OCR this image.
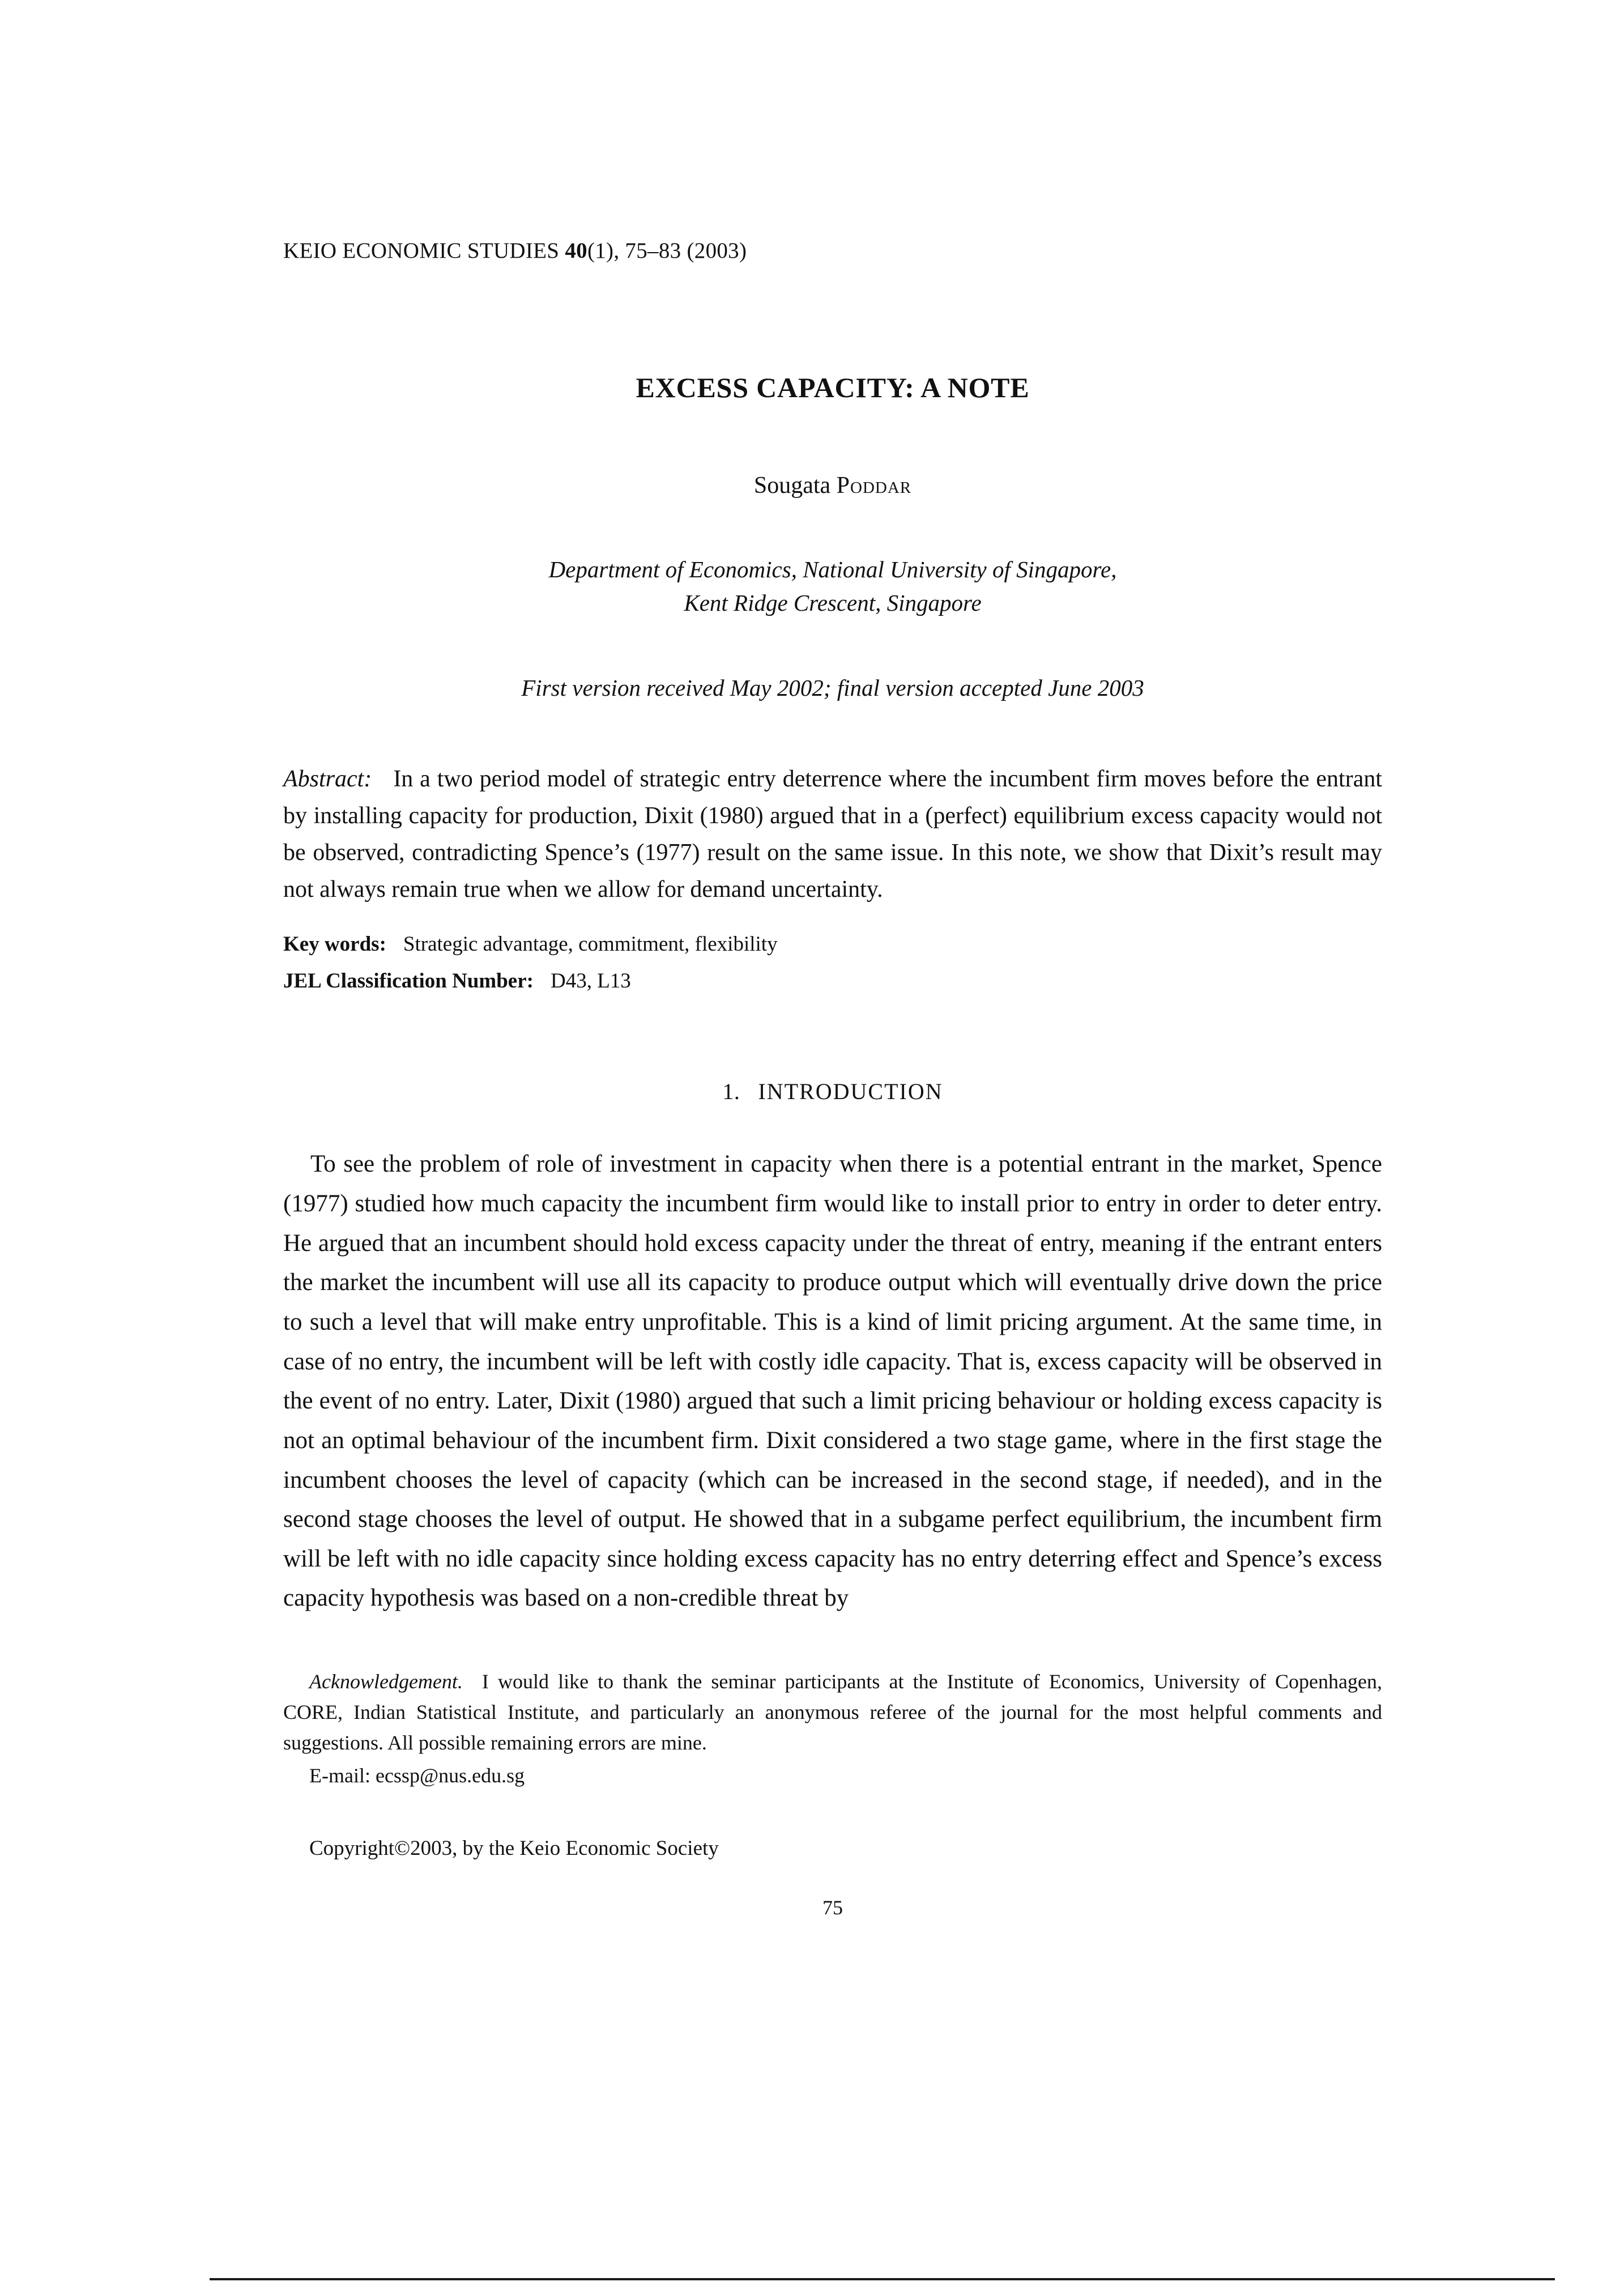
KEIO ECONOMIC STUDIES 40(1), 75–83 (2003)
EXCESS CAPACITY: A NOTE
Sougata Poddar
Department of Economics, National University of Singapore,
Kent Ridge Crescent, Singapore
First version received May 2002; final version accepted June 2003

Abstract: In a two period model of strategic entry deterrence where the incumbent firm moves before the entrant by installing capacity for production, Dixit (1980) argued that in a (perfect) equilibrium excess capacity would not be observed, contradicting Spence’s (1977) result on the same issue. In this note, we show that Dixit’s result may not always remain true when we allow for demand uncertainty.

Key words: Strategic advantage, commitment, flexibility
JEL Classification Number: D43, L13
1. INTRODUCTION

To see the problem of role of investment in capacity when there is a potential entrant in the market, Spence (1977) studied how much capacity the incumbent firm would like to install prior to entry in order to deter entry. He argued that an incumbent should hold excess capacity under the threat of entry, meaning if the entrant enters the market the incumbent will use all its capacity to produce output which will eventually drive down the price to such a level that will make entry unprofitable. This is a kind of limit pricing argument. At the same time, in case of no entry, the incumbent will be left with costly idle capacity. That is, excess capacity will be observed in the event of no entry. Later, Dixit (1980) argued that such a limit pricing behaviour or holding excess capacity is not an optimal behaviour of the incumbent firm. Dixit considered a two stage game, where in the first stage the incumbent chooses the level of capacity (which can be increased in the second stage, if needed), and in the second stage chooses the level of output. He showed that in a subgame perfect equilibrium, the incumbent firm will be left with no idle capacity since holding excess capacity has no entry deterring effect and Spence’s excess capacity hypothesis was based on a non-credible threat by

Acknowledgement. I would like to thank the seminar participants at the Institute of Economics, University of Copenhagen, CORE, Indian Statistical Institute, and particularly an anonymous referee of the journal for the most helpful comments and suggestions. All possible remaining errors are mine.
E-mail: ecssp@nus.edu.sg
Copyright©2003, by the Keio Economic Society
75
